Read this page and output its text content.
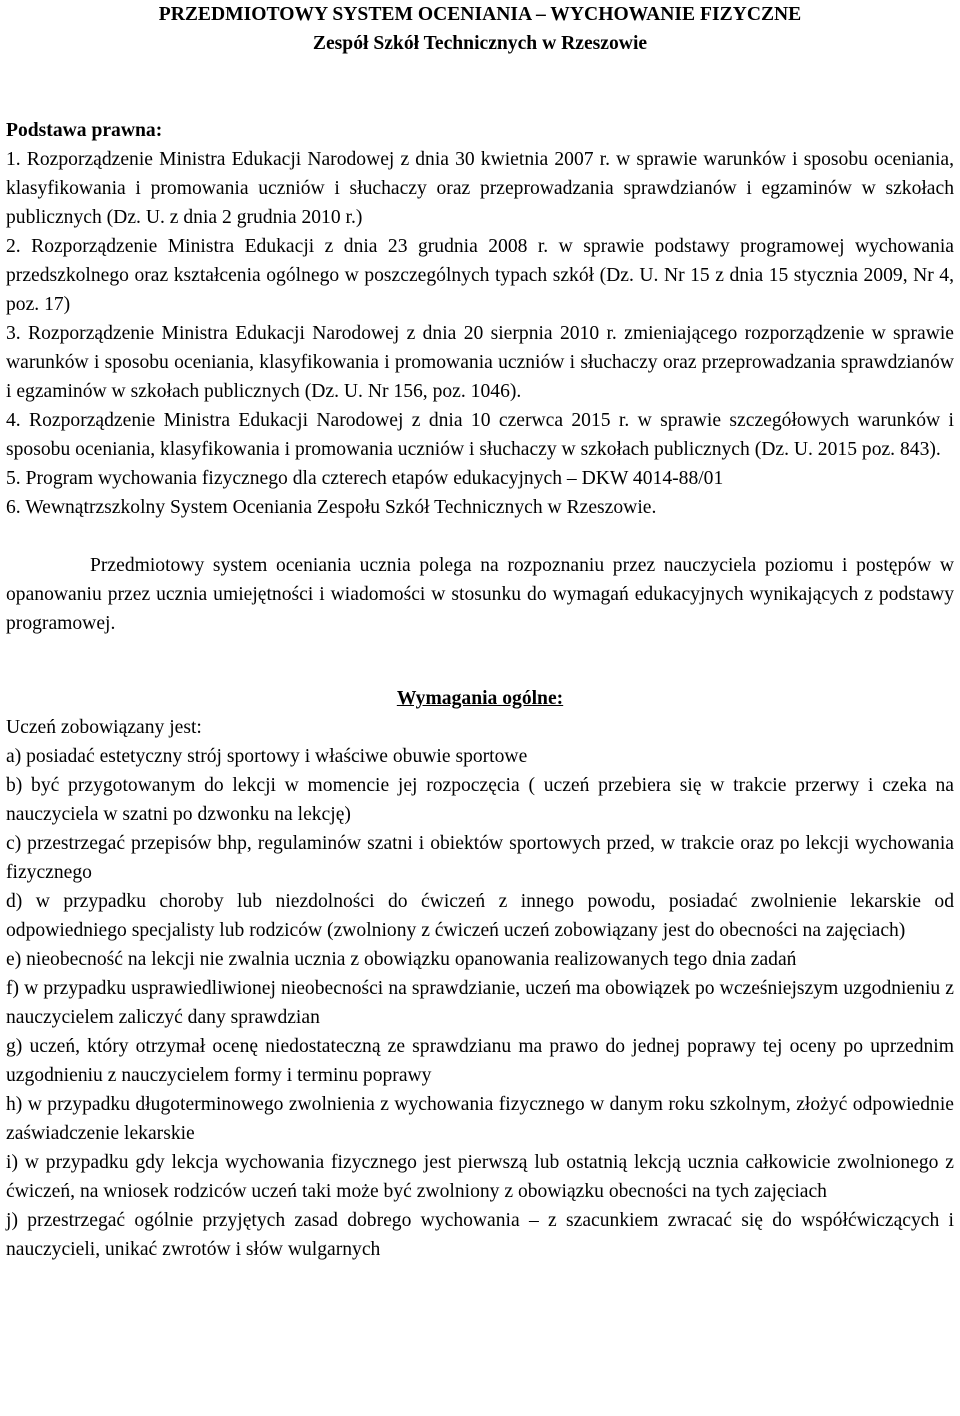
PRZEDMIOTOWY SYSTEM OCENIANIA – WYCHOWANIE FIZYCZNE
Zespół Szkół Technicznych w Rzeszowie

Podstawa prawna:

1. Rozporządzenie Ministra Edukacji Narodowej z dnia 30 kwietnia 2007 r. w sprawie warunków i sposobu oceniania, klasyfikowania i promowania uczniów i słuchaczy oraz przeprowadzania sprawdzianów i egzaminów w szkołach publicznych (Dz. U. z dnia 2 grudnia 2010 r.)
2. Rozporządzenie Ministra Edukacji z dnia 23 grudnia 2008 r. w sprawie podstawy programowej wychowania przedszkolnego oraz kształcenia ogólnego w poszczególnych typach szkół (Dz. U. Nr 15 z dnia 15 stycznia 2009, Nr 4, poz. 17)
3. Rozporządzenie Ministra Edukacji Narodowej z dnia 20 sierpnia 2010 r. zmieniającego rozporządzenie w sprawie warunków i sposobu oceniania, klasyfikowania i promowania uczniów i słuchaczy oraz przeprowadzania sprawdzianów i egzaminów w szkołach publicznych (Dz. U. Nr 156, poz. 1046).
4. Rozporządzenie Ministra Edukacji Narodowej z dnia 10 czerwca 2015 r. w sprawie szczegółowych warunków i sposobu oceniania, klasyfikowania i promowania uczniów i słuchaczy w szkołach publicznych (Dz. U. 2015 poz. 843).
5. Program wychowania fizycznego dla czterech etapów edukacyjnych – DKW 4014-88/01
6. Wewnątrzszkolny System Oceniania Zespołu Szkół Technicznych w Rzeszowie.

Przedmiotowy system oceniania ucznia polega na rozpoznaniu przez nauczyciela poziomu i postępów w opanowaniu przez ucznia umiejętności i wiadomości w stosunku do wymagań edukacyjnych wynikających z podstawy programowej.

Wymagania ogólne:

Uczeń zobowiązany jest:

a) posiadać estetyczny strój sportowy i właściwe obuwie sportowe
b) być przygotowanym do lekcji w momencie jej rozpoczęcia ( uczeń przebiera się w trakcie przerwy i czeka na nauczyciela w szatni po dzwonku na lekcję)
c) przestrzegać przepisów bhp, regulaminów szatni i obiektów sportowych przed, w trakcie oraz po lekcji wychowania fizycznego
d) w przypadku choroby lub niezdolności do ćwiczeń z innego powodu, posiadać zwolnienie lekarskie od odpowiedniego specjalisty lub rodziców (zwolniony z ćwiczeń uczeń zobowiązany jest do obecności na zajęciach)
e) nieobecność na lekcji nie zwalnia ucznia z obowiązku opanowania realizowanych tego dnia zadań
f) w przypadku usprawiedliwionej nieobecności na sprawdzianie, uczeń ma obowiązek po wcześniejszym uzgodnieniu z nauczycielem zaliczyć dany sprawdzian
g) uczeń, który otrzymał ocenę niedostateczną ze sprawdzianu ma prawo do jednej poprawy tej oceny po uprzednim uzgodnieniu z nauczycielem formy i terminu poprawy
h) w przypadku długoterminowego zwolnienia z wychowania fizycznego w danym roku szkolnym, złożyć odpowiednie zaświadczenie lekarskie
i) w przypadku gdy lekcja wychowania fizycznego jest pierwszą lub ostatnią lekcją ucznia całkowicie zwolnionego z ćwiczeń, na wniosek rodziców uczeń taki może być zwolniony z obowiązku obecności na tych zajęciach
j) przestrzegać ogólnie przyjętych zasad dobrego wychowania – z szacunkiem zwracać się do współćwiczących i nauczycieli, unikać zwrotów i słów wulgarnych
